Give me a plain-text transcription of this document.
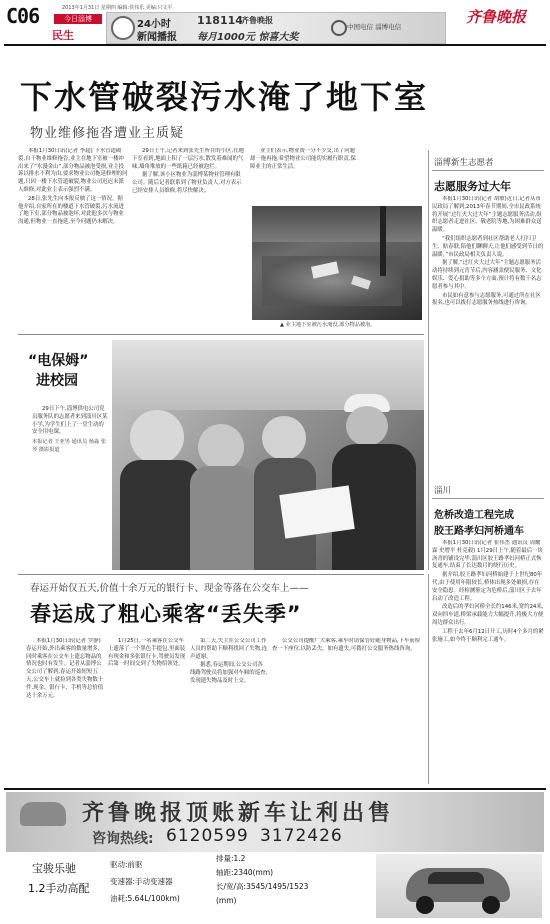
C06	2013年1月31日 星期四 编辑:侯伟乐 美编:只文平
今日淄博
民生
24小时
新闻播报
118114
齐鲁晚报
每月1000元 惊喜大奖
中国电信 淄博电信
齐鲁晚报
下水管破裂污水淹了地下室
物业维修拖沓遭业主质疑

本报1月30日讯(记者 李超) 下水管道破裂,自干物业维修拖沓,业主在地下室被一楼冲出来了“水漫金山”,部分物品被泡受损,业主投诉以排水不利为由,要求物业公司拖延修理的问题,只因一楼下水管道破裂,物业公司迟迟未派人维修,对此业主表示强烈不满。

28日,张先生向本报反映了这一情况。据他介绍,自家所在的楼道下水管破裂,污水流进了地下室,部分物品被泡坏,对此他多次与物业沟通,但物业一直拖延,至今问题仍未解决。

29日上午,记者来到张先生所在的小区,在地下室看到,地面上积了一层污水,散发着难闻的气味,墙角堆放的一些纸箱已经被泡烂。

据了解,该小区物业为淄博某物业管理有限公司。随后记者联系到了物业负责人,对方表示已经安排人员维修,将尽快解决。

业主们表示,物业费一分不少交,出了问题却一拖再拖,希望物业公司能切实履行职责,保障业主的正常生活。

▲ 业主地下室被污水淹没,部分物品被泡。
淄博新生志愿者
志愿服务过大年

本报1月30日讯(记者 胡敏)近日,记者从市民政局了解到,2013年春节期间,全市民政系统将开展“过红火大过大年”主题志愿服务活动,组织志愿者走进社区、敬老院等地,为困难群众送温暖。

“我们组织志愿者到社区帮助老人打扫卫生、贴春联,陪他们聊聊天,让他们感受到节日的温暖。”市民政局相关负责人说。

据了解,“过红火大过大年”主题志愿服务活动将持续到元宵节后,内容涵盖便民服务、文化娱乐、爱心捐助等多个方面,预计将有数千名志愿者参与其中。

市民如有意参与志愿服务,可通过所在社区报名,也可以拨打志愿服务热线进行咨询。

“电保姆”
进校园

29日下午,淄博供电公司党员服务队的志愿者来到淄川区某小学,为学生们上了一堂生动的安全用电课。

本报记者 王亚男 通讯员 杨淼 张琴 摄影报道

淄川
危桥改造工程完成
胶王路孝妇河桥通车

本报1月30日讯(记者 崔伟杰 通讯员 周耀霖 史增平 杜克毅) 1月29日上午,随着最后一块沥青的铺设完毕,淄川区胶王路孝妇河桥正式恢复通车,结束了长达数月的绕行历史。

据介绍,胶王路孝妇河桥始建于上世纪80年代,由于使用年限较长,桥体出现多处破损,存在安全隐患。经检测鉴定为危桥后,淄川区于去年启动了改造工程。

改造后的孝妇河桥全长约146米,宽约24米,双向四车道,桥梁承载能力大幅提升,将极大方便周边群众出行。

工程于去年6月12日开工,历时4个多月的紧张施工,如今终于顺利完工通车。

春运开始仅五天,价值十余万元的银行卡、现金等落在公交车上——
春运成了粗心乘客“丢失季”

本报1月30日讯(记者 罗静) 春运开始,外出乘客的数量增多,同时乘客在公交车上遗忘物品的情况也时有发生。记者从淄博公交公司了解到,春运开始短短五天,公交车上就捡到各类失物数十件,现金、银行卡、手机等总价值达十余万元。

1月25日,一名乘客在公交车上遗落了一个黑色手提包,里面装有现金和多张银行卡,驾驶员发现后第一时间交到了失物招领处。

第二天,失主在公交公司工作人员的帮助下顺利找回了失物,连声道谢。

据悉,春运期间,公交公司各线路驾驶员将加强对车厢的巡查,发现遗失物品及时上交。

公交公司提醒广大乘客,乘车时请保管好随身物品,下车前检查一下座位,以防丢失。如有遗失,可拨打公交服务热线咨询。

齐鲁晚报顶账新车让利出售
咨询热线: 6120599 3172426
宝骏乐驰
1.2手动高配
驱动:前驱
变速器:手动变速器
油耗:5.64L/100km)
排量:1.2
轴距:2340(mm)
长/宽/高:3545/1495/1523
(mm)
